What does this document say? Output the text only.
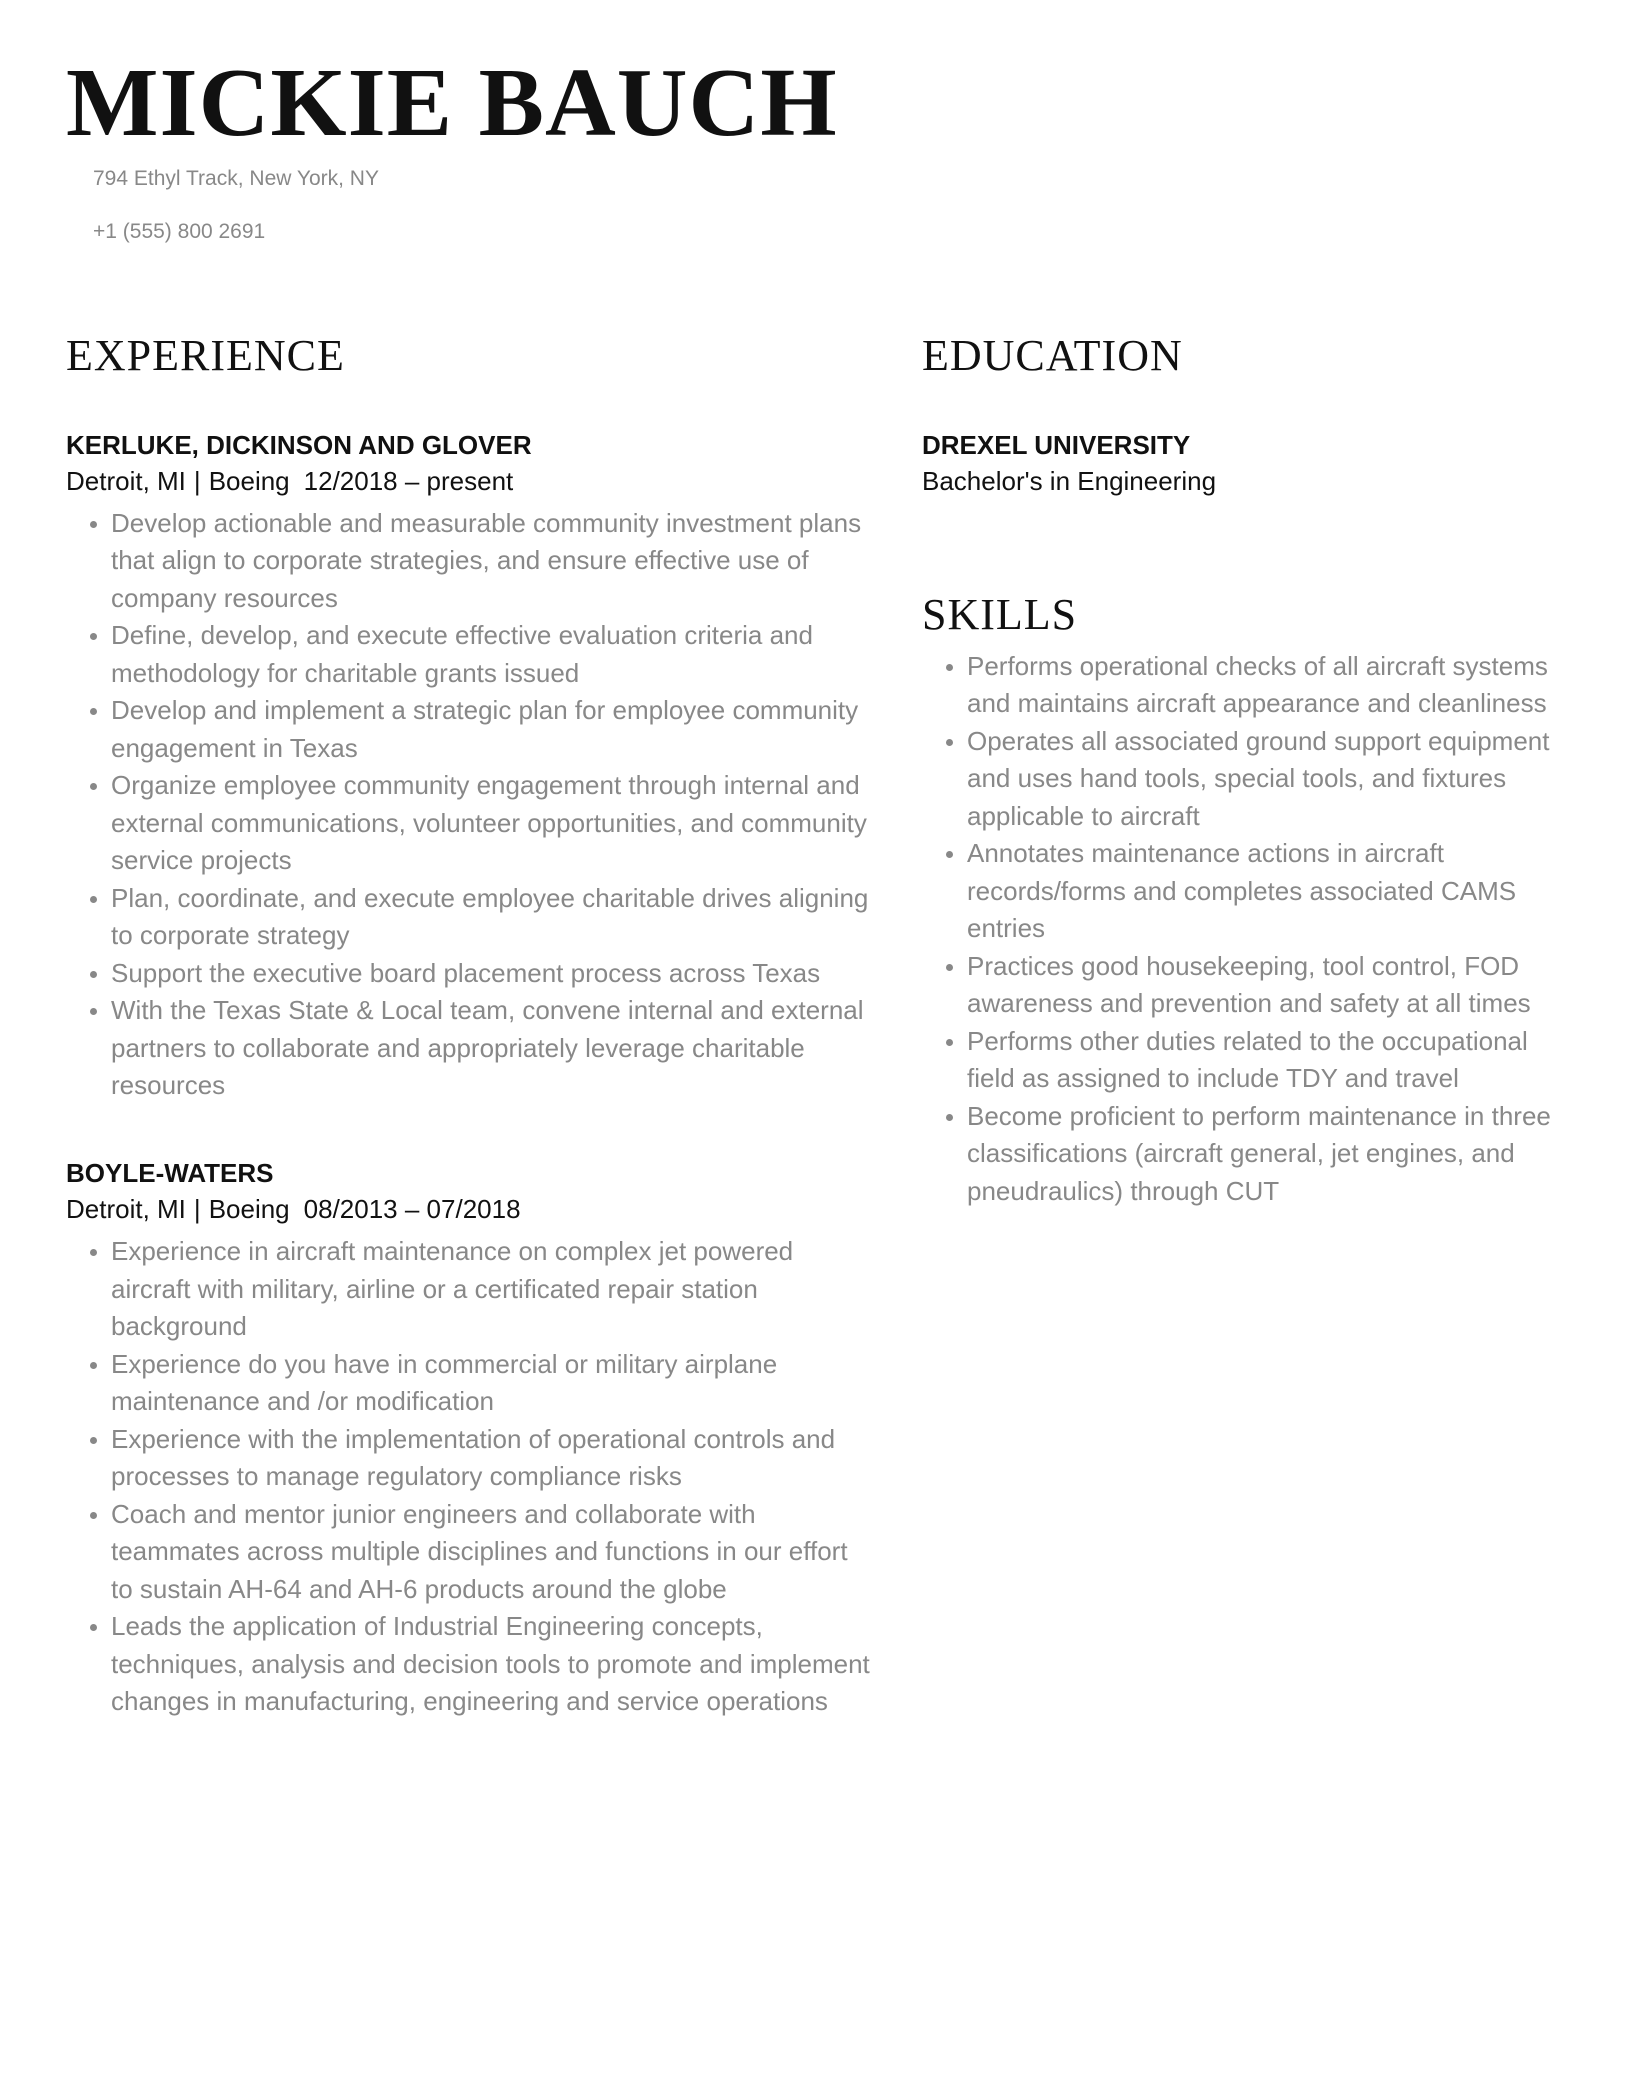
MICKIE BAUCH
794 Ethyl Track, New York, NY
+1 (555) 800 2691
EXPERIENCE
KERLUKE, DICKINSON AND GLOVER
Detroit, MI | Boeing 12/2018 – present
Develop actionable and measurable community investment plans that align to corporate strategies, and ensure effective use of company resources
Define, develop, and execute effective evaluation criteria and methodology for charitable grants issued
Develop and implement a strategic plan for employee community engagement in Texas
Organize employee community engagement through internal and external communications, volunteer opportunities, and community service projects
Plan, coordinate, and execute employee charitable drives aligning to corporate strategy
Support the executive board placement process across Texas
With the Texas State & Local team, convene internal and external partners to collaborate and appropriately leverage charitable resources
BOYLE-WATERS
Detroit, MI | Boeing 08/2013 – 07/2018
Experience in aircraft maintenance on complex jet powered aircraft with military, airline or a certificated repair station background
Experience do you have in commercial or military airplane maintenance and /or modification
Experience with the implementation of operational controls and processes to manage regulatory compliance risks
Coach and mentor junior engineers and collaborate with teammates across multiple disciplines and functions in our effort to sustain AH-64 and AH-6 products around the globe
Leads the application of Industrial Engineering concepts, techniques, analysis and decision tools to promote and implement changes in manufacturing, engineering and service operations
EDUCATION
DREXEL UNIVERSITY
Bachelor's in Engineering
SKILLS
Performs operational checks of all aircraft systems and maintains aircraft appearance and cleanliness
Operates all associated ground support equipment and uses hand tools, special tools, and fixtures applicable to aircraft
Annotates maintenance actions in aircraft records/forms and completes associated CAMS entries
Practices good housekeeping, tool control, FOD awareness and prevention and safety at all times
Performs other duties related to the occupational field as assigned to include TDY and travel
Become proficient to perform maintenance in three classifications (aircraft general, jet engines, and pneudraulics) through CUT
